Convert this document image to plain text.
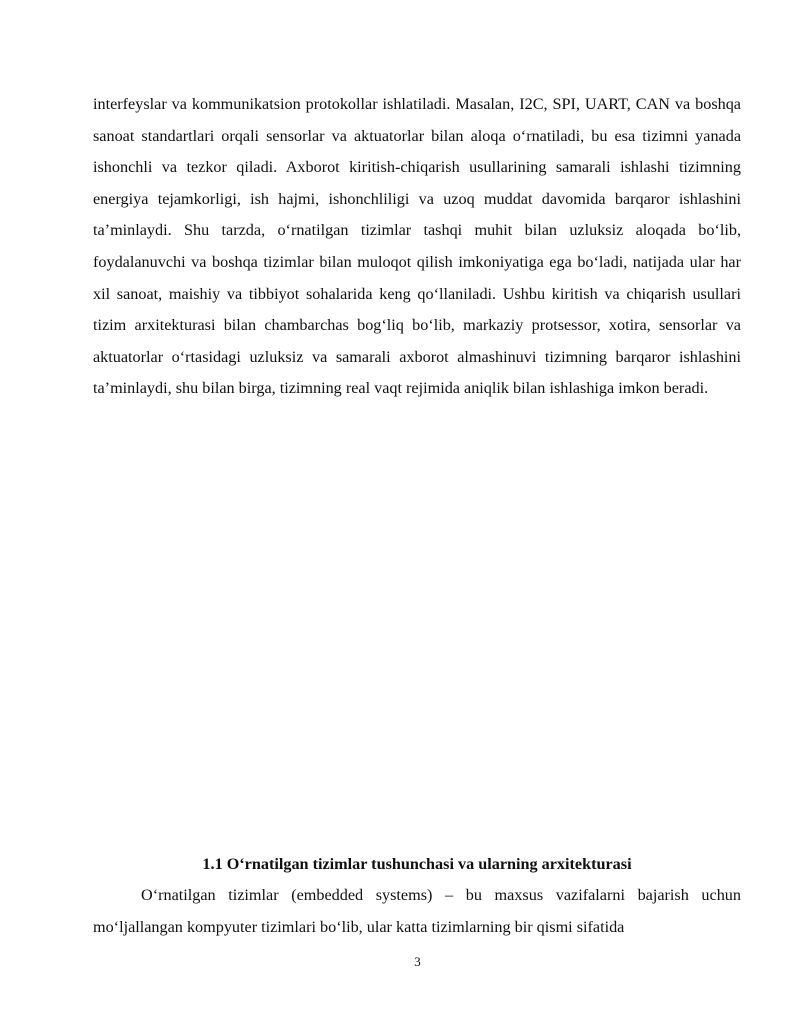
interfeyslar va kommunikatsion protokollar ishlatiladi. Masalan, I2C, SPI, UART, CAN va boshqa sanoat standartlari orqali sensorlar va aktuatorlar bilan aloqa o‘rnatiladi, bu esa tizimni yanada ishonchli va tezkor qiladi. Axborot kiritish-chiqarish usullarining samarali ishlashi tizimning energiya tejamkorligi, ish hajmi, ishonchliligi va uzoq muddat davomida barqaror ishlashini ta’minlaydi. Shu tarzda, o‘rnatilgan tizimlar tashqi muhit bilan uzluksiz aloqada bo‘lib, foydalanuvchi va boshqa tizimlar bilan muloqot qilish imkoniyatiga ega bo‘ladi, natijada ular har xil sanoat, maishiy va tibbiyot sohalarida keng qo‘llaniladi. Ushbu kiritish va chiqarish usullari tizim arxitekturasi bilan chambarchas bog‘liq bo‘lib, markaziy protsessor, xotira, sensorlar va aktuatorlar o‘rtasidagi uzluksiz va samarali axborot almashinuvi tizimning barqaror ishlashini ta’minlaydi, shu bilan birga, tizimning real vaqt rejimida aniqlik bilan ishlashiga imkon beradi.

1.1 O‘rnatilgan tizimlar tushunchasi va ularning arxitekturasi

O‘rnatilgan tizimlar (embedded systems) – bu maxsus vazifalarni bajarish uchun mo‘ljallangan kompyuter tizimlari bo‘lib, ular katta tizimlarning bir qismi sifatida

3
